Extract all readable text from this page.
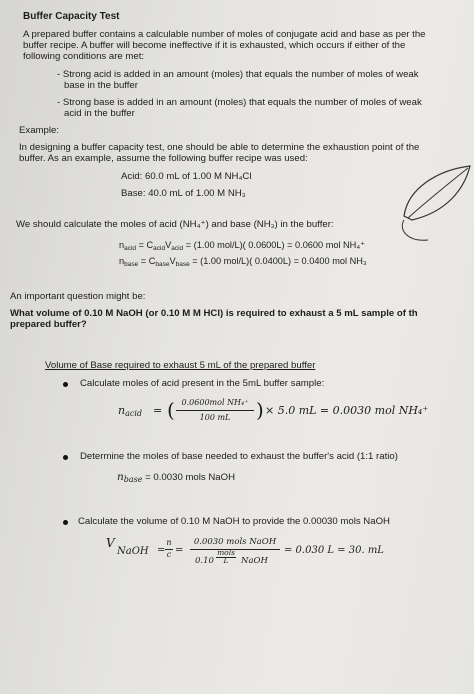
Buffer Capacity Test
A prepared buffer contains a calculable number of moles of conjugate acid and base as per the
buffer recipe. A buffer will become ineffective if it is exhausted, which occurs if either of the
following conditions are met:
- Strong acid is added in an amount (moles) that equals the number of moles of weak
base in the buffer
- Strong base is added in an amount (moles) that equals the number of moles of weak
acid in the buffer
Example:
In designing a buffer capacity test, one should be able to determine the exhaustion point of the
buffer. As an example, assume the following buffer recipe was used:
Acid: 60.0 mL of 1.00 M NH₄Cl
Base: 40.0 mL of 1.00 M NH₃
We should calculate the moles of acid (NH₄⁺) and base (NH₃) in the buffer:
$n_{acid} = C_{acid}V_{acid} = (1.00$ mol/L)( 0.0600L) = 0.0600 mol NH₄⁺
$n_{base} = C_{base}V_{base} = (1.00$ mol/L)( 0.0400L) = 0.0400 mol NH₃
An important question might be:
What volume of 0.10 M NaOH (or 0.10 M M HCl) is required to exhaust a 5 mL sample of th
prepared buffer?
Volume of Base required to exhaust 5 mL of the prepared buffer
Calculate moles of acid present in the 5mL buffer sample:
$n_{acid}$ = ( 0.0600mol NH₄⁺
100 mL	) × 5.0 mL = 0.0030 mol NH₄⁺
Determine the moles of base needed to exhaust the buffer's acid (1:1 ratio)
$n_{base} = 0.0030$ mols NaOH
Calculate the volume of 0.10 M NaOH to provide the 0.00030 mols NaOH
V
NaOH =
n
c =
0.0030 mols NaOH
0.10
mols
L	NaOH
= 0.030 L = 30. mL
